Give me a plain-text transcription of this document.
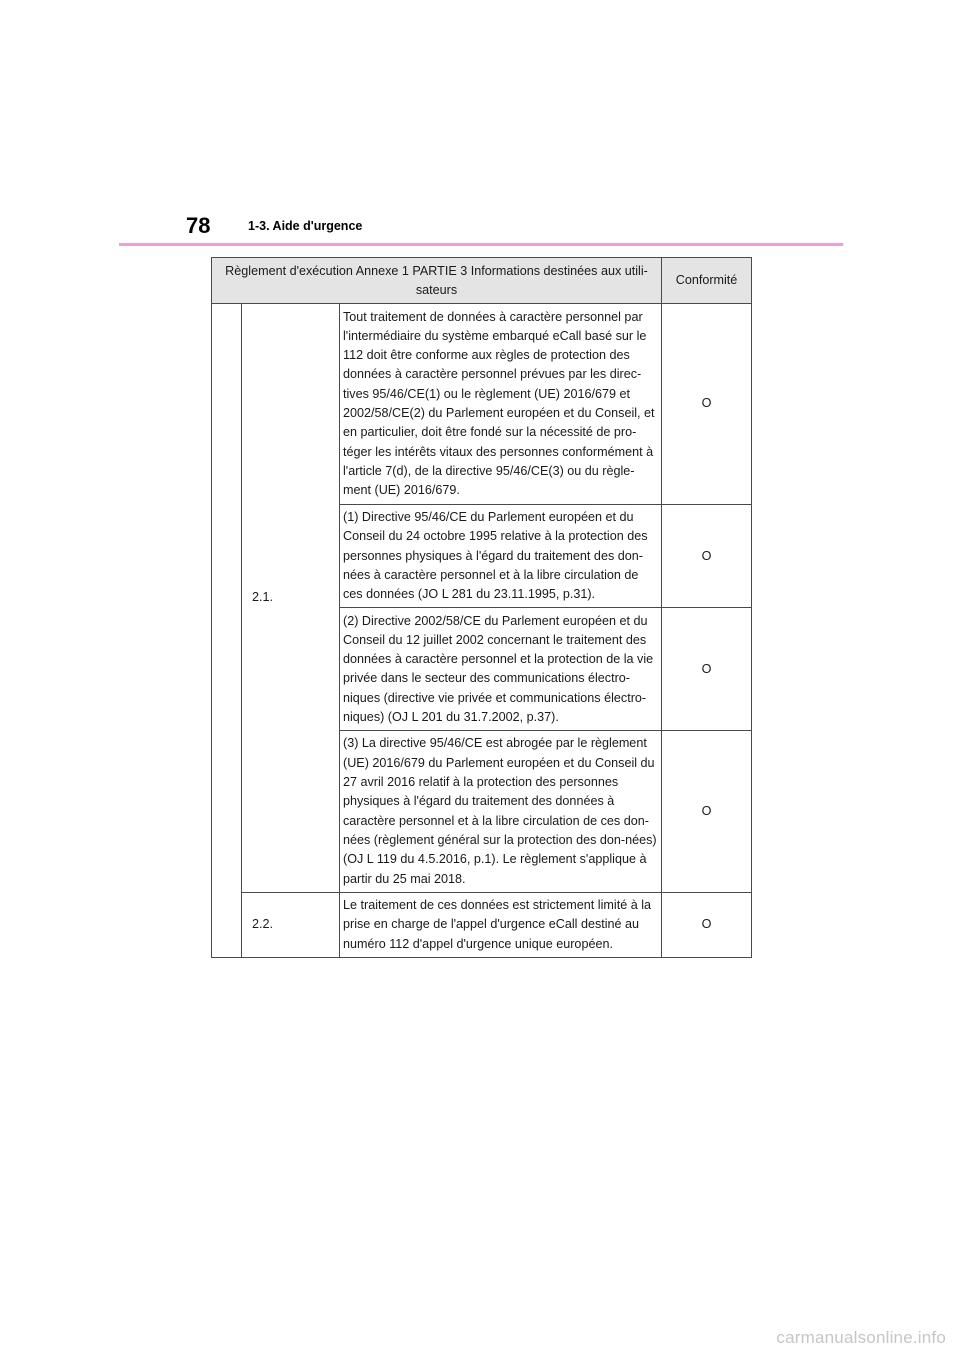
78	1-3. Aide d'urgence
Règlement d'exécution Annexe 1 PARTIE 3 Informations destinées aux utili-sateurs			Conformité
	2.1.	Tout traitement de données à caractère personnel par l'intermédiaire du système embarqué eCall basé sur le 112 doit être conforme aux règles de protection des données à caractère personnel prévues par les direc-tives 95/46/CE(1) ou le règlement (UE) 2016/679 et 2002/58/CE(2) du Parlement européen et du Conseil, et en particulier, doit être fondé sur la nécessité de pro-téger les intérêts vitaux des personnes conformément à l'article 7(d), de la directive 95/46/CE(3) ou du règle-ment (UE) 2016/679.	O
		(1) Directive 95/46/CE du Parlement européen et du Conseil du 24 octobre 1995 relative à la protection des personnes physiques à l'égard du traitement des don-nées à caractère personnel et à la libre circulation de ces données (JO L 281 du 23.11.1995, p.31).	O
		(2) Directive 2002/58/CE du Parlement européen et du Conseil du 12 juillet 2002 concernant le traitement des données à caractère personnel et la protection de la vie privée dans le secteur des communications électro-niques (directive vie privée et communications électro-niques) (OJ L 201 du 31.7.2002, p.37).	O
		(3) La directive 95/46/CE est abrogée par le règlement (UE) 2016/679 du Parlement européen et du Conseil du 27 avril 2016 relatif à la protection des personnes physiques à l'égard du traitement des données à caractère personnel et à la libre circulation de ces don-nées (règlement général sur la protection des don-nées) (OJ L 119 du 4.5.2016, p.1). Le règlement s'applique à partir du 25 mai 2018.	O
	2.2.	Le traitement de ces données est strictement limité à la prise en charge de l'appel d'urgence eCall destiné au numéro 112 d'appel d'urgence unique européen.	O
carmanualsonline.info
